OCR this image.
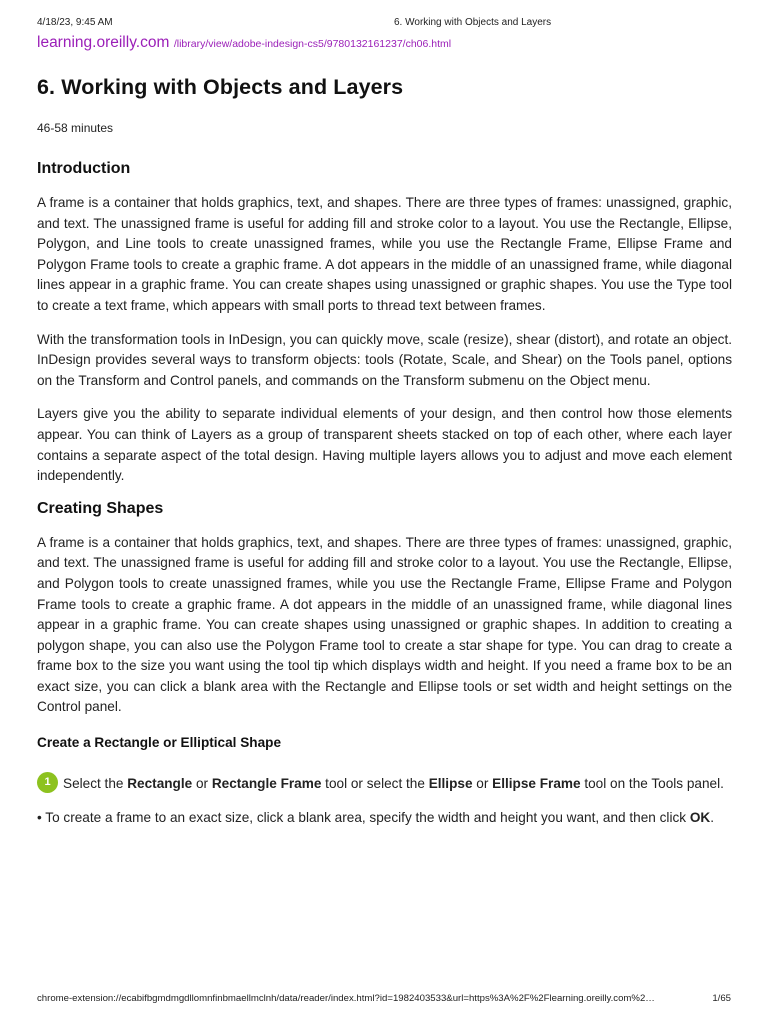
4/18/23, 9:45 AM	6. Working with Objects and Layers
learning.oreilly.com /library/view/adobe-indesign-cs5/9780132161237/ch06.html
6. Working with Objects and Layers
46-58 minutes
Introduction

A frame is a container that holds graphics, text, and shapes. There are three types of frames: unassigned, graphic, and text. The unassigned frame is useful for adding fill and stroke color to a layout. You use the Rectangle, Ellipse, Polygon, and Line tools to create unassigned frames, while you use the Rectangle Frame, Ellipse Frame and Polygon Frame tools to create a graphic frame. A dot appears in the middle of an unassigned frame, while diagonal lines appear in a graphic frame. You can create shapes using unassigned or graphic shapes. You use the Type tool to create a text frame, which appears with small ports to thread text between frames.

With the transformation tools in InDesign, you can quickly move, scale (resize), shear (distort), and rotate an object. InDesign provides several ways to transform objects: tools (Rotate, Scale, and Shear) on the Tools panel, options on the Transform and Control panels, and commands on the Transform submenu on the Object menu.

Layers give you the ability to separate individual elements of your design, and then control how those elements appear. You can think of Layers as a group of transparent sheets stacked on top of each other, where each layer contains a separate aspect of the total design. Having multiple layers allows you to adjust and move each element independently.

Creating Shapes

A frame is a container that holds graphics, text, and shapes. There are three types of frames: unassigned, graphic, and text. The unassigned frame is useful for adding fill and stroke color to a layout. You use the Rectangle, Ellipse, and Polygon tools to create unassigned frames, while you use the Rectangle Frame, Ellipse Frame and Polygon Frame tools to create a graphic frame. A dot appears in the middle of an unassigned frame, while diagonal lines appear in a graphic frame. You can create shapes using unassigned or graphic shapes. In addition to creating a polygon shape, you can also use the Polygon Frame tool to create a star shape for type. You can drag to create a frame box to the size you want using the tool tip which displays width and height. If you need a frame box to be an exact size, you can click a blank area with the Rectangle and Ellipse tools or set width and height settings on the Control panel.

Create a Rectangle or Elliptical Shape

1 Select the Rectangle or Rectangle Frame tool or select the Ellipse or Ellipse Frame tool on the Tools panel.

• To create a frame to an exact size, click a blank area, specify the width and height you want, and then click OK.

chrome-extension://ecabifbgmdmgdllomnfinbmaellmclnh/data/reader/index.html?id=1982403533&url=https%3A%2F%2Flearning.oreilly.com%2…	1/65
